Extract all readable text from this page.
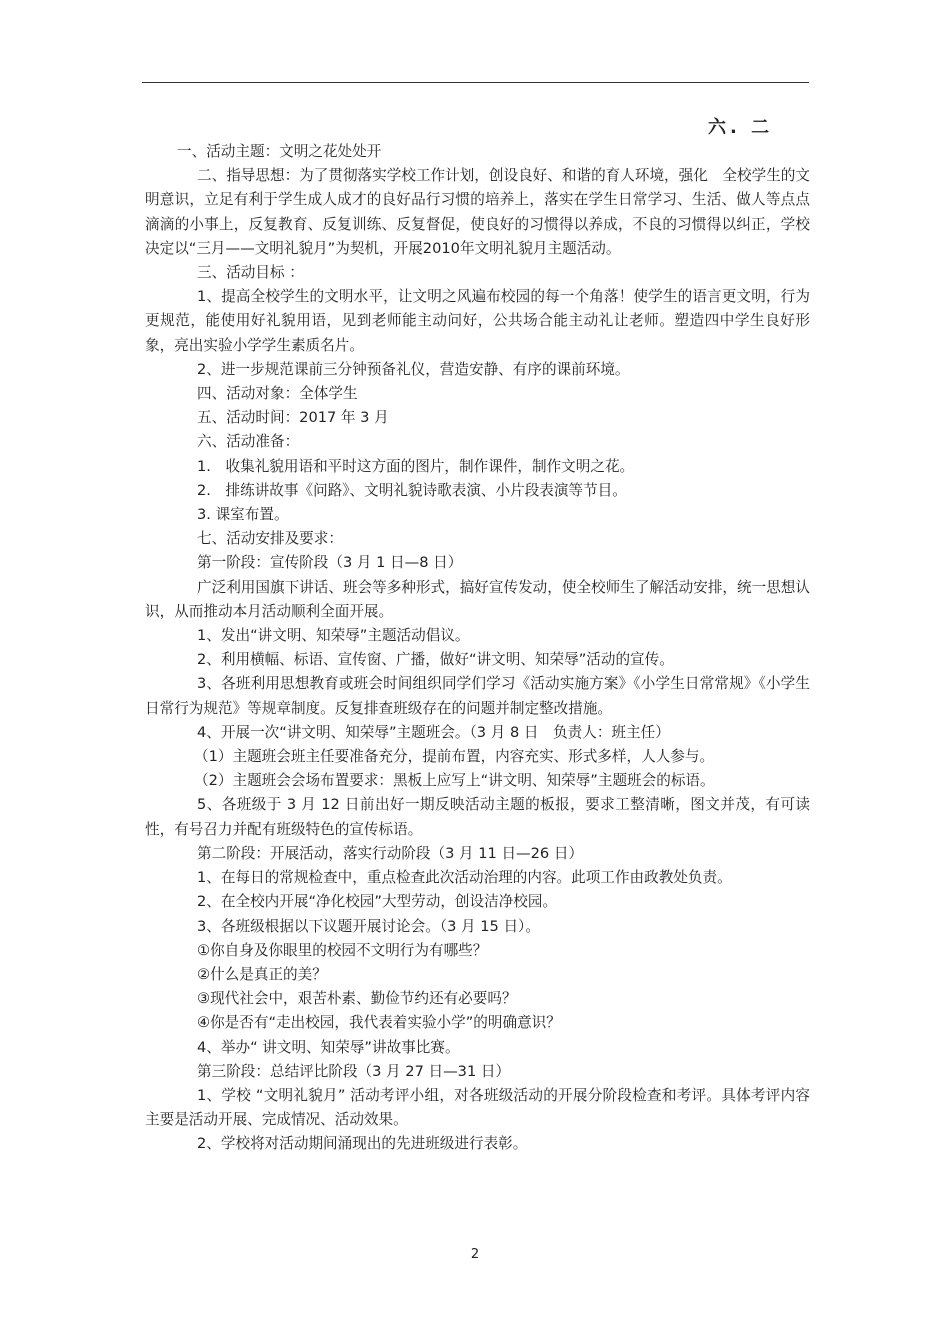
六. 二

一、活动主题：文明之花处处开

二、指导思想：为了贯彻落实学校工作计划，创设良好、和谐的育人环境，强化　全校学生的文明意识，立足有利于学生成人成才的良好品行习惯的培养上，落实在学生日常学习、生活、做人等点点滴滴的小事上，反复教育、反复训练、反复督促，使良好的习惯得以养成，不良的习惯得以纠正，学校决定以“三月——文明礼貌月”为契机，开展2010年文明礼貌月主题活动。

三、活动目标 ：

1、提高全校学生的文明水平，让文明之风遍布校园的每一个角落！使学生的语言更文明，行为更规范，能使用好礼貌用语，见到老师能主动问好，公共场合能主动礼让老师。塑造四中学生良好形象，亮出实验小学学生素质名片。

2、进一步规范课前三分钟预备礼仪，营造安静、有序的课前环境。

四、活动对象：全体学生

五、活动时间：2017 年 3 月

六、活动准备：

1.　收集礼貌用语和平时这方面的图片，制作课件，制作文明之花。

2.　排练讲故事《问路》、文明礼貌诗歌表演、小片段表演等节目。

3. 课室布置。

七、活动安排及要求：

第一阶段：宣传阶段（3 月 1 日—8 日）

广泛利用国旗下讲话、班会等多种形式，搞好宣传发动，使全校师生了解活动安排，统一思想认识，从而推动本月活动顺利全面开展。

1、发出“讲文明、知荣辱”主题活动倡议。

2、利用横幅、标语、宣传窗、广播，做好“讲文明、知荣辱”活动的宣传。

3、各班利用思想教育或班会时间组织同学们学习《活动实施方案》《小学生日常常规》《小学生日常行为规范》等规章制度。反复排查班级存在的问题并制定整改措施。

4、开展一次“讲文明、知荣辱”主题班会。（3 月 8 日　负责人：班主任）

（1）主题班会班主任要准备充分，提前布置，内容充实、形式多样，人人参与。

（2）主题班会会场布置要求：黑板上应写上“讲文明、知荣辱”主题班会的标语。

5、各班级于 3 月 12 日前出好一期反映活动主题的板报，要求工整清晰，图文并茂，有可读性，有号召力并配有班级特色的宣传标语。

第二阶段：开展活动，落实行动阶段（3 月 11 日—26 日）

1、在每日的常规检查中，重点检查此次活动治理的内容。此项工作由政教处负责。

2、在全校内开展“净化校园”大型劳动，创设洁净校园。

3、各班级根据以下议题开展讨论会。（3 月 15 日）。

①你自身及你眼里的校园不文明行为有哪些？

②什么是真正的美？

③现代社会中，艰苦朴素、勤俭节约还有必要吗？

④你是否有“走出校园，我代表着实验小学”的明确意识？

4、举办“ 讲文明、知荣辱”讲故事比赛。

第三阶段：总结评比阶段（3 月 27 日—31 日）

1、学校 “文明礼貌月” 活动考评小组，对各班级活动的开展分阶段检查和考评。具体考评内容主要是活动开展、完成情况、活动效果。

2、学校将对活动期间涌现出的先进班级进行表彰。

2
